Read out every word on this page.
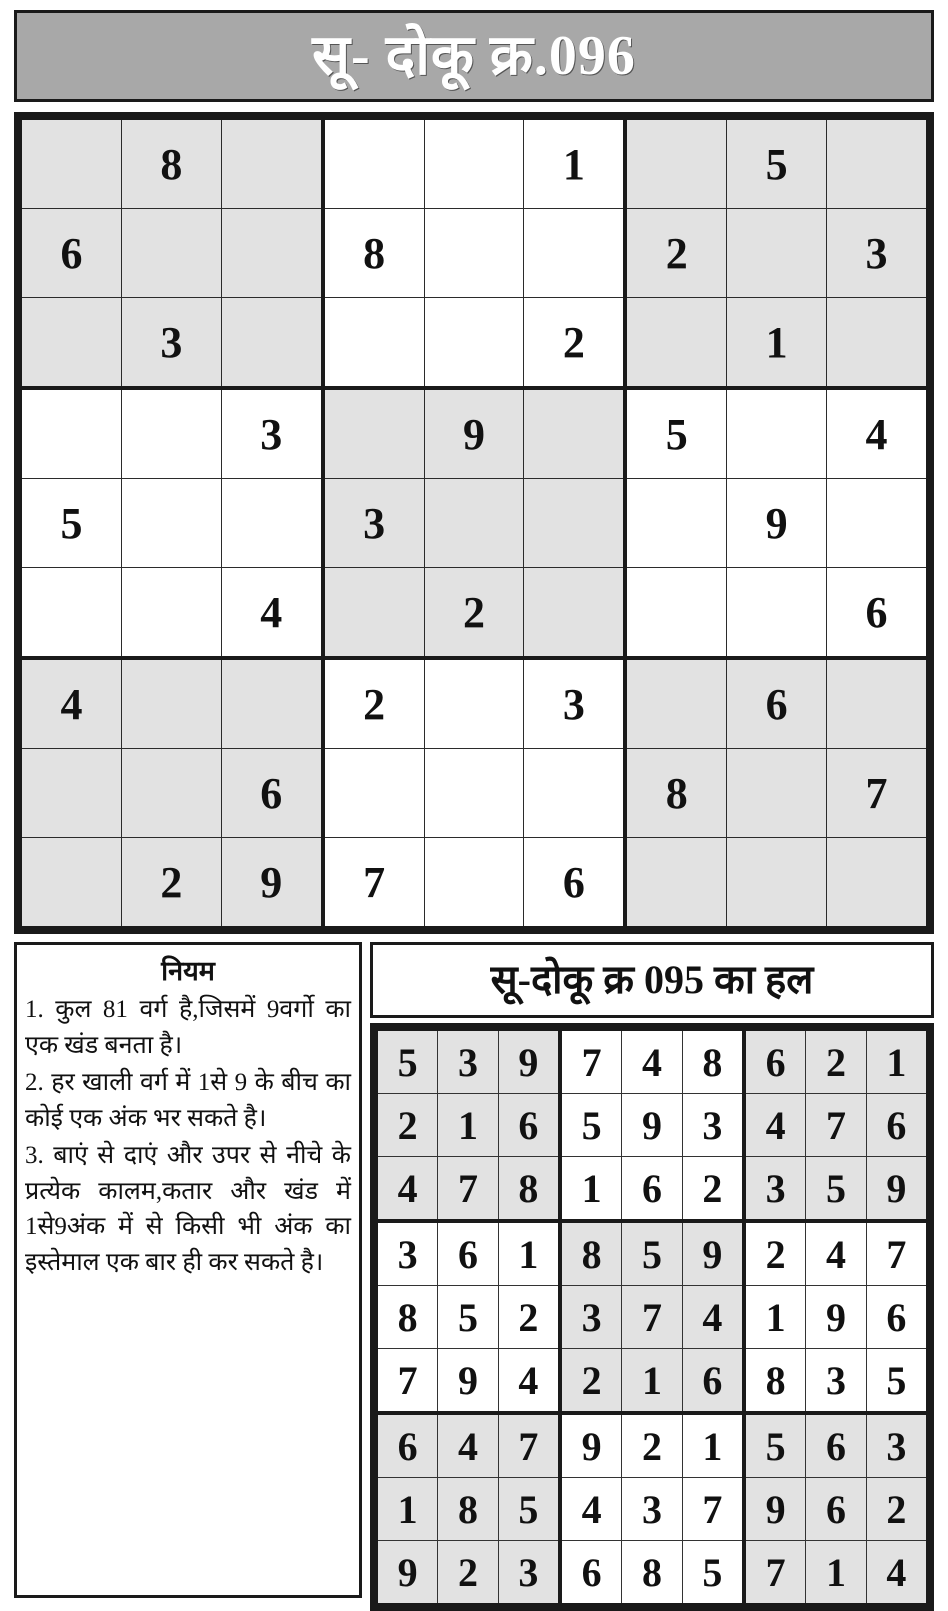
सू- दोकू क्र.096
	8				1		5	
6			8			2		3
	3				2		1	
		3		9		5		4
5			3				9	
		4		2				6
4			2		3		6	
		6				8		7
	2	9	7		6			
नियम

1. कुल 81 वर्ग है,जिसमें 9वर्गो का एक खंड बनता है।

2. हर खाली वर्ग में 1से 9 के बीच का कोई एक अंक भर सकते है।

3. बाएं से दाएं और उपर से नीचे के प्रत्येक कालम,कतार और खंड में 1से9अंक में से किसी भी अंक का इस्तेमाल एक बार ही कर सकते है।

सू-दोकू क्र 095 का हल
5	3	9	7	4	8	6	2	1
2	1	6	5	9	3	4	7	6
4	7	8	1	6	2	3	5	9
3	6	1	8	5	9	2	4	7
8	5	2	3	7	4	1	9	6
7	9	4	2	1	6	8	3	5
6	4	7	9	2	1	5	6	3
1	8	5	4	3	7	9	6	2
9	2	3	6	8	5	7	1	4
